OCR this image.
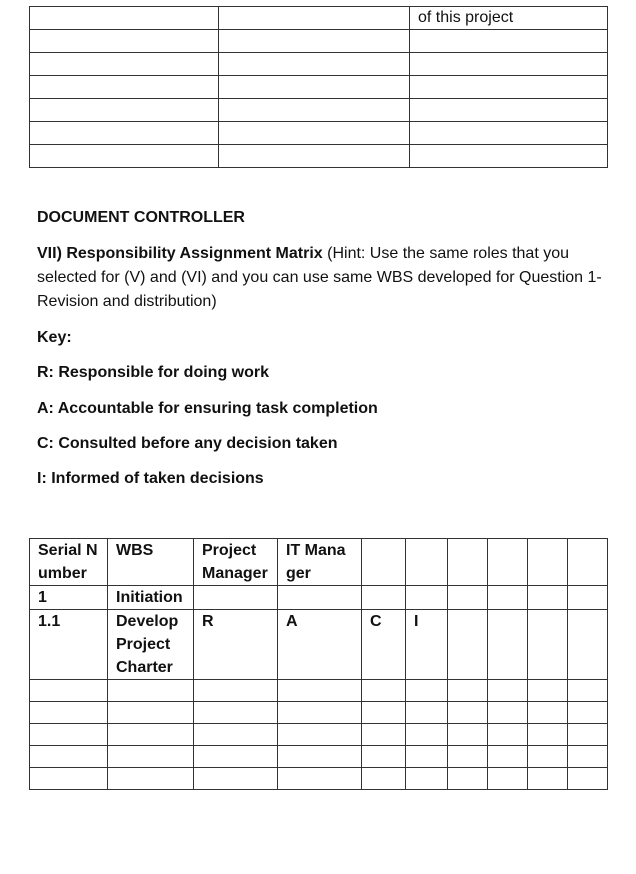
		of this project

DOCUMENT CONTROLLER
VII) Responsibility Assignment Matrix (Hint: Use the same roles that you selected for (V) and (VI) and you can use same WBS developed for Question 1- Revision and distribution)
Key:
R: Responsible for doing work
A: Accountable for ensuring task completion
C: Consulted before any decision taken
I: Informed of taken decisions
Serial Number	WBS	Project Manager	IT Manager						
1	Initiation								
1.1	Develop Project Charter	R	A	C	I				
